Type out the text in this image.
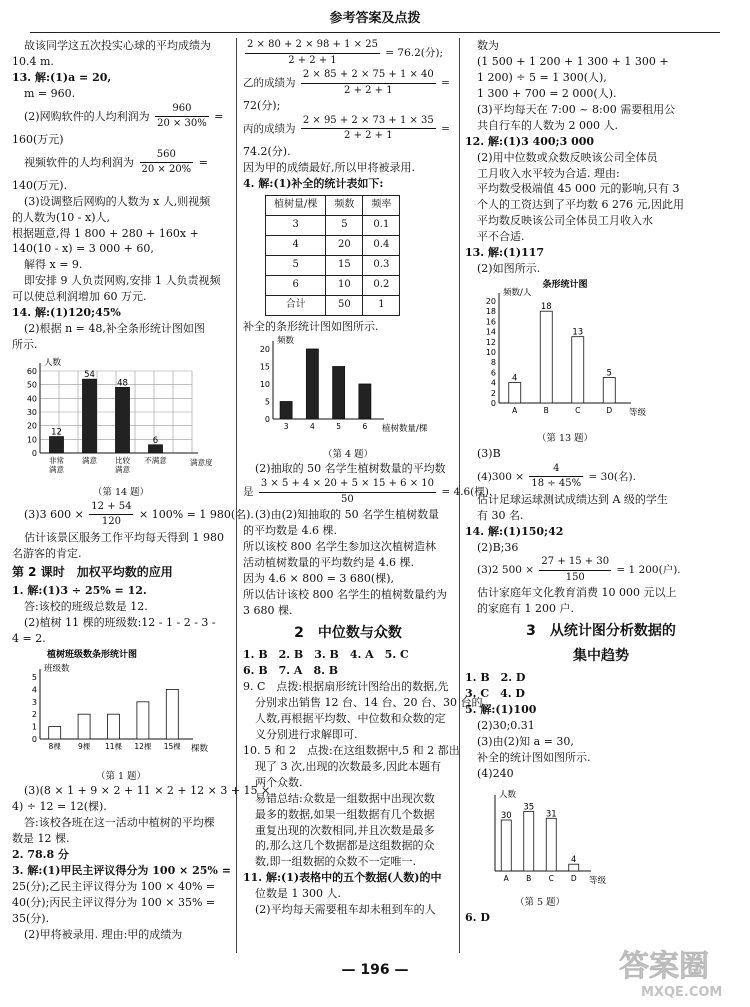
参考答案及点拨
故该同学这五次投实心球的平均成绩为
10.4 m.
13. 解:(1)a = 20,
m = 960.
(2)网购软件的人均利润为 $\frac{960}{20 \times 30\%}$ =
160(万元)
视频软件的人均利润为 $\frac{560}{20 \times 20\%}$ =
140(万元).
(3)设调整后网购的人数为 x 人,则视频
的人数为(10 - x)人,
根据题意,得 1 800 + 280 + 160x +
140(10 - x) = 3 000 + 60,
解得 x = 9.
即安排 9 人负责网购,安排 1 人负责视频
可以使总利润增加 60 万元.
14. 解:(1)120;45%
(2)根据 n = 48,补全条形统计图如图
所示.
人数
满意度
0
10
20
30
40
50
60
12
非常
满意
54
满意
48
比较
满意
6
不满意
（第 14 题）
(3)3 $600 \times \frac{12 + 54}{120} \times 100\% = 1$ 980(名).
估计该景区服务工作平均每天得到 1 980
名游客的肯定.
第 2 课时　加权平均数的应用
1. 解:(1)3 ÷ 25% = 12.
答:该校的班级总数是 12.
(2)植树 11 棵的班级数:12 - 1 - 2 - 3 -
4 = 2.
植树班级数条形统计图
班级数
棵数
0
1
2
3
4
5
8棵 9棵 11棵 12棵 15棵
（第 1 题）
(3)(8 × 1 + 9 × 2 + 11 × 2 + 12 × 3 + 15 ×
4) ÷ 12 = 12(棵).
答:该校各班在这一活动中植树的平均棵
数是 12 棵.
2. 78.8 分
3. 解:(1)甲民主评议得分为 100 × 25% =
25(分);乙民主评议得分为 100 × 40% =
40(分);丙民主评议得分为 100 × 35% =
35(分).
(2)甲将被录用. 理由:甲的成绩为
$\frac{2 \times 80 + 2 \times 98 + 1 \times 25}{2 + 2 + 1} = 76.2$(分);
乙的成绩为 $\frac{2 \times 85 + 2 \times 75 + 1 \times 40}{2 + 2 + 1}$ =
72(分);
丙的成绩为 $\frac{2 \times 95 + 2 \times 73 + 1 \times 35}{2 + 2 + 1}$ =
74.2(分).
因为甲的成绩最好,所以甲将被录用.
4. 解:(1)补全的统计表如下:
植树量/棵	频数	频率
3	5	0.1
4	20	0.4
5	15	0.3
6	10	0.2
合计	50	1
补全的条形统计图如图所示.
频数
植树数量/棵
0
5
10
15
20
3	4	5	6
（第 4 题）
(2)抽取的 50 名学生植树数量的平均数
是 $\frac{3 \times 5 + 4 \times 20 + 5 \times 15 + 6 \times 10}{50} = 4.6$(棵).
(3)由(2)知抽取的 50 名学生植树数量
的平均数是 4.6 棵.
所以该校 800 名学生参加这次植树造林
活动植树数量的平均数约是 4.6 棵.
因为 4.6 × 800 = 3 680(棵),
所以估计该校 800 名学生的植树数量约为
3 680 棵.
2　中位数与众数
1. B　2. B　3. B　4. A　5. C
6. B　7. A　8. B
9. C　点拨:根据扇形统计图给出的数据,先
分别求出销售 12 台、14 台、20 台、30 台的
人数,再根据平均数、中位数和众数的定
义分别进行求解即可.
10. 5 和 2　点拨:在这组数据中,5 和 2 都出
现了 3 次,出现的次数最多,因此本题有
两个众数.
易错总结:众数是一组数据中出现次数
最多的数据,如果一组数据有几个数据
重复出现的次数相同,并且次数是最多
的,那么这几个数据都是这组数据的众
数,即一组数据的众数不一定唯一.
11. 解:(1)表格中的五个数据(人数)的中
位数是 1 300 人.
(2)平均每天需要租车却未租到车的人
数为
(1 500 + 1 200 + 1 300 + 1 300 +
1 200) ÷ 5 = 1 300(人),
1 300 + 700 = 2 000(人).
(3)平均每天在 7:00 ~ 8:00 需要租用公
共自行车的人数为 2 000 人.
12. 解:(1)3 400;3 000
(2)用中位数或众数反映该公司全体员
工月收入水平较为合适. 理由:
平均数受极端值 45 000 元的影响,只有 3
个人的工资达到了平均数 6 276 元,因此用
平均数反映该公司全体员工月收入水
平不合适.
13. 解:(1)117
(2)如图所示.
条形统计图
频数/人
等级
0
2
4
6
8
10
12
14
16
18
20
4
A
18
B
13
C
5
D
（第 13 题）
(3)B
$(4)300 \times \frac{4}{18 \div 45\%} = 30$(名).
估计足球运球测试成绩达到 A 级的学生
有 30 名.
14. 解:(1)150;42
(2)B;36
(3)2 $500 \times \frac{27 + 15 + 30}{150} = 1$ 200(户).
估计家庭年文化教育消费 10 000 元以上
的家庭有 1 200 户.
3　从统计图分析数据的
集中趋势
1. B　2. D
3. C　4. D
5. 解:(1)100
(2)30;0.31
(3)由(2)知 a = 30,
补全的统计图如图所示.
(4)240
人数
等级
30
A
35
B
31
C
4
D
（第 5 题）
6. D
— 196 —	答案圈
MXQE.COM
